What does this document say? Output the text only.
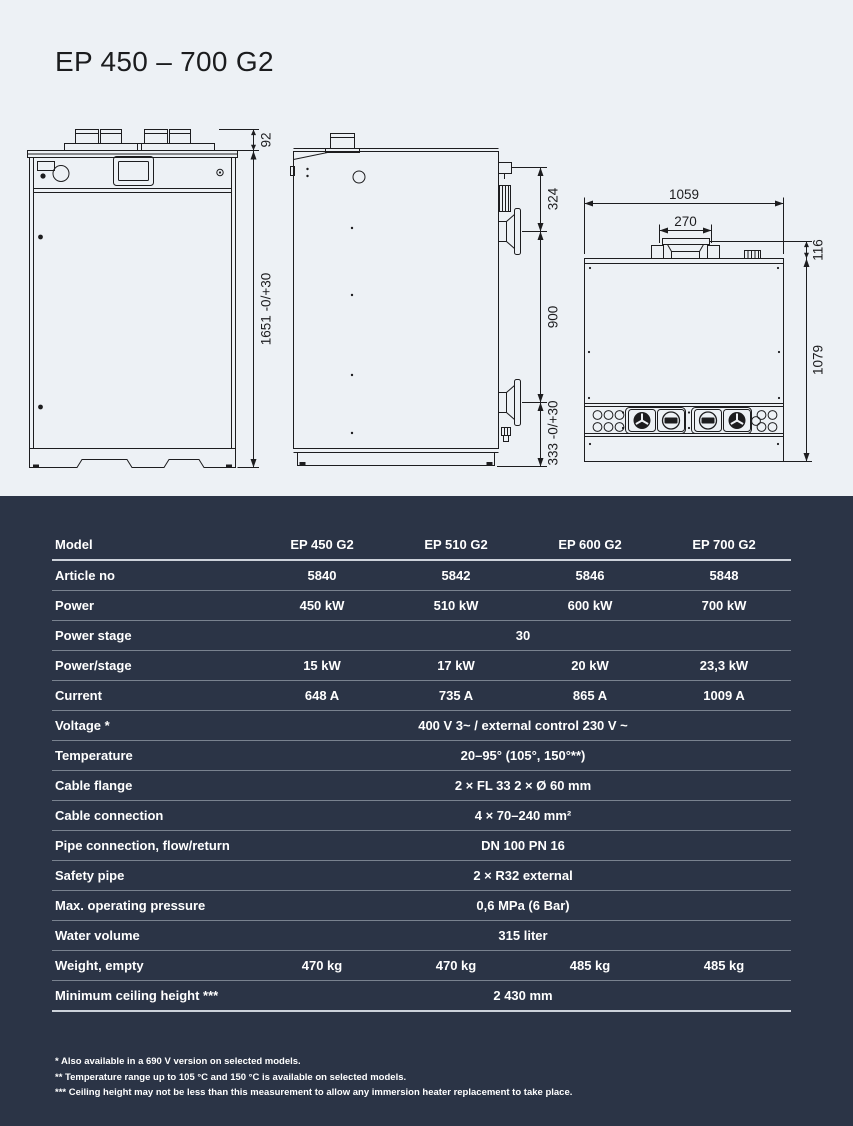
EP 450 – 700 G2
92
1651 -0/+30
324
900
333 -0/+30
1059
270
116
1079
Model	EP 450 G2	EP 510 G2	EP 600 G2	EP 700 G2
Article no	5840	5842	5846	5848
Power	450 kW	510 kW	600 kW	700 kW
Power stage	30			
Power/stage	15 kW	17 kW	20 kW	23,3 kW
Current	648 A	735 A	865 A	1009 A
Voltage *	400 V 3~ / external control 230 V ~			
Temperature	20–95° (105°, 150°**)			
Cable flange	2 × FL 33 2 × Ø 60 mm			
Cable connection	4 × 70–240 mm²			
Pipe connection, flow/return	DN 100 PN 16			
Safety pipe	2 × R32 external			
Max. operating pressure	0,6 MPa (6 Bar)			
Water volume	315 liter			
Weight, empty	470 kg	470 kg	485 kg	485 kg
Minimum ceiling height ***	2 430 mm			
* Also available in a 690 V version on selected models.
** Temperature range up to 105 °C and 150 °C is available on selected models.
*** Ceiling height may not be less than this measurement to allow any immersion heater replacement to take place.
